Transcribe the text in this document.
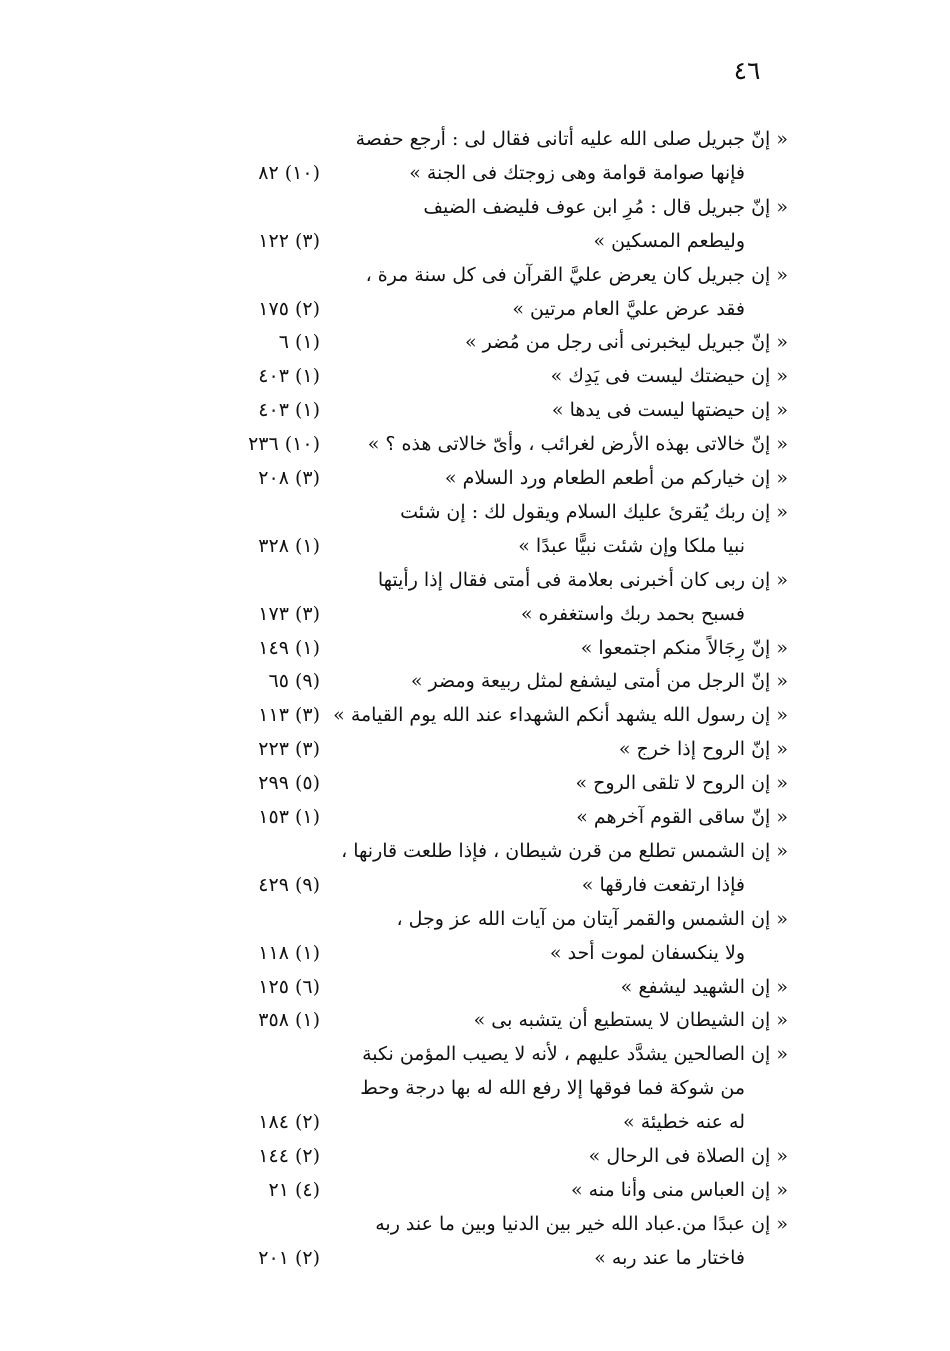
٤٦
« إنّ جبريل صلى الله عليه أتانى فقال لى : أرجع حفصة
فإنها صوامة قوامة وهى زوجتك فى الجنة »
(١٠) ٨٢
« إنّ جبريل قال : مُرِ ابن عوف فليضف الضيف
وليطعم المسكين »
(٣) ١٢٢
« إن جبريل كان يعرض عليَّ القرآن فى كل سنة مرة ،
فقد عرض عليَّ العام مرتين »
(٢) ١٧٥
« إنّ جبريل ليخبرنى أنى رجل من مُضر »
(١) ٦
« إن حيضتك ليست فى يَدِك »
(١) ٤٠٣
« إن حيضتها ليست فى يدها »
(١) ٤٠٣
« إنّ خالاتى بهذه الأرض لغرائب ، وأىّ خالاتى هذه ؟ »
(١٠) ٢٣٦
« إن خياركم من أطعم الطعام ورد السلام »
(٣) ٢٠٨
« إن ربك يُقرئ عليك السلام ويقول لك : إن شئت
نبيا ملكا وإن شئت نبيًّا عبدًا »
(١) ٣٢٨
« إن ربى كان أخبرنى بعلامة فى أمتى فقال إذا رأيتها
فسبح بحمد ربك واستغفره »
(٣) ١٧٣
« إنّ رِجَالاً منكم اجتمعوا »
(١) ١٤٩
« إنّ الرجل من أمتى ليشفع لمثل ربيعة ومضر »
(٩) ٦٥
« إن رسول الله يشهد أنكم الشهداء عند الله يوم القيامة »
(٣) ١١٣
« إنّ الروح إذا خرج »
(٣) ٢٢٣
« إن الروح لا تلقى الروح »
(٥) ٢٩٩
« إنّ ساقى القوم آخرهم »
(١) ١٥٣
« إن الشمس تطلع من قرن شيطان ، فإذا طلعت قارنها ،
فإذا ارتفعت فارقها »
(٩) ٤٢٩
« إن الشمس والقمر آيتان من آيات الله عز وجل ،
ولا ينكسفان لموت أحد »
(١) ١١٨
« إن الشهيد ليشفع »
(٦) ١٢٥
« إن الشيطان لا يستطيع أن يتشبه بى »
(١) ٣٥٨
« إن الصالحين يشدَّد عليهم ، لأنه لا يصيب المؤمن نكبة
من شوكة فما فوقها إلا رفع الله له بها درجة وحط
له عنه خطيئة »
(٢) ١٨٤
« إن الصلاة فى الرحال »
(٢) ١٤٤
« إن العباس منى وأنا منه »
(٤) ٢١
« إن عبدًا من.عباد الله خير بين الدنيا وبين ما عند ربه
فاختار ما عند ربه »
(٢) ٢٠١
